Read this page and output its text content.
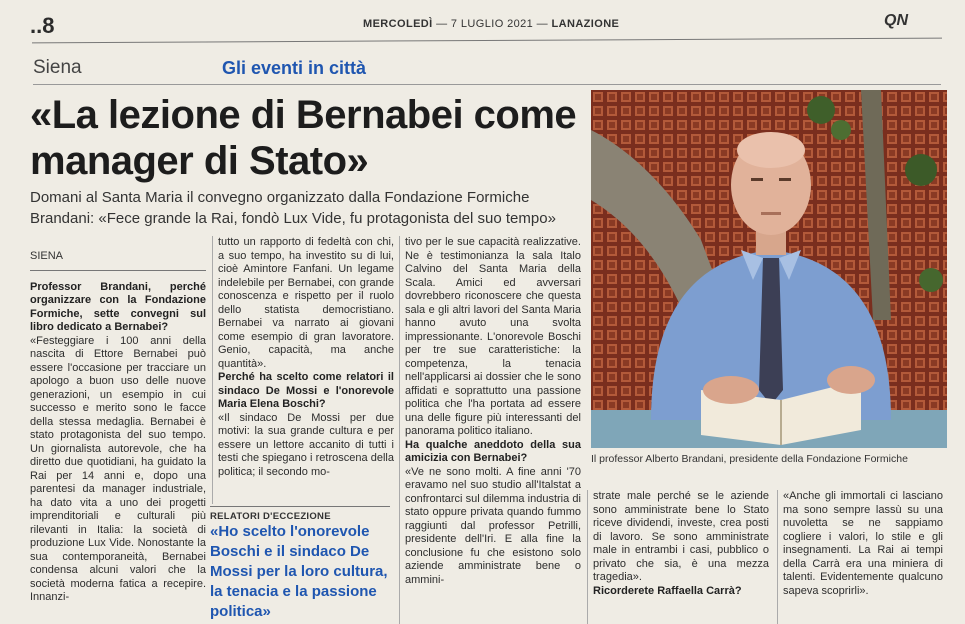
..8	MERCOLEDÌ — 7 LUGLIO 2021 — LANAZIONE	QN
Siena	Gli eventi in città
«La lezione di Bernabei come manager di Stato»
Domani al Santa Maria il convegno organizzato dalla Fondazione Formiche Brandani: «Fece grande la Rai, fondò Lux Vide, fu protagonista del suo tempo»
Il professor Alberto Brandani, presidente della Fondazione Formiche
SIENA

Professor Brandani, perché organizzare con la Fondazione Formiche, sette convegni sul libro dedicato a Bernabei?

«Festeggiare i 100 anni della nascita di Ettore Bernabei può essere l'occasione per tracciare un apologo a buon uso delle nuove generazioni, un esempio in cui successo e merito sono le facce della stessa medaglia. Bernabei è stato protagonista del suo tempo. Un giornalista autorevole, che ha diretto due quotidiani, ha guidato la Rai per 14 anni e, dopo una parentesi da manager industriale, ha dato vita a uno dei progetti imprenditoriali e culturali più rilevanti in Italia: la società di produzione Lux Vide. Nonostante la sua contemporaneità, Bernabei condensa alcuni valori che la società moderna fatica a recepire. Innanzi-

tutto un rapporto di fedeltà con chi, a suo tempo, ha investito su di lui, cioè Amintore Fanfani. Un legame indelebile per Bernabei, con grande conoscenza e rispetto per il ruolo dello statista democristiano. Bernabei va narrato ai giovani come esempio di gran lavoratore. Genio, capacità, ma anche quantità».

Perché ha scelto come relatori il sindaco De Mossi e l'onorevole Maria Elena Boschi?

«Il sindaco De Mossi per due motivi: la sua grande cultura e per essere un lettore accanito di tutti i testi che spiegano i retroscena della politica; il secondo mo-

RELATORI D'ECCEZIONE
«Ho scelto l'onorevole Boschi e il sindaco De Mossi per la loro cultura, la tenacia e la passione politica»

tivo per le sue capacità realizzative. Ne è testimonianza la sala Italo Calvino del Santa Maria della Scala. Amici ed avversari dovrebbero riconoscere che questa sala e gli altri lavori del Santa Maria hanno avuto una svolta impressionante. L'onorevole Boschi per tre sue caratteristiche: la competenza, la tenacia nell'applicarsi ai dossier che le sono affidati e soprattutto una passione politica che l'ha portata ad essere una delle figure più interessanti del panorama politico italiano.

Ha qualche aneddoto della sua amicizia con Bernabei?

«Ve ne sono molti. A fine anni '70 eravamo nel suo studio all'Italstat a confrontarci sul dilemma industria di stato oppure privata quando fummo raggiunti dal professor Petrilli, presidente dell'Iri. E alla fine la conclusione fu che esistono solo aziende amministrate bene o ammini-

strate male perché se le aziende sono amministrate bene lo Stato riceve dividendi, investe, crea posti di lavoro. Se sono amministrate male in entrambi i casi, pubblico o privato che sia, è una mezza tragedia».

Ricorderete Raffaella Carrà?

«Anche gli immortali ci lasciano ma sono sempre lassù su una nuvoletta se ne sappiamo cogliere i valori, lo stile e gli insegnamenti. La Rai ai tempi della Carrà era una miniera di talenti. Evidentemente qualcuno sapeva scoprirli».
